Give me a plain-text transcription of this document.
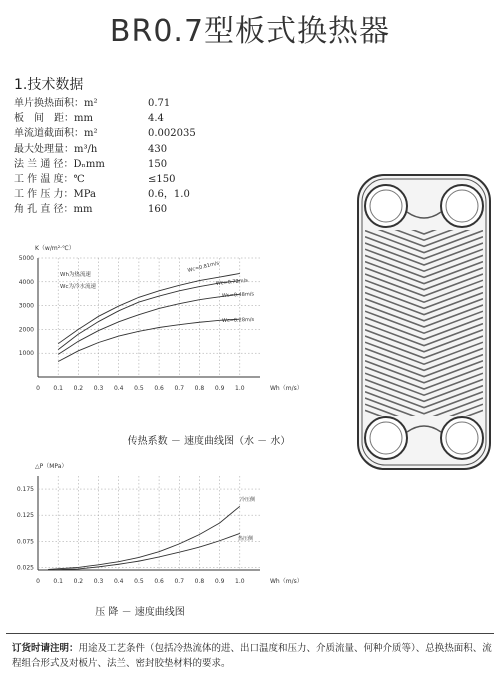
BR0.7型板式换热器
1.技术数据
单片换热面积：m²	0.71
板　间　距：mm	4.4
单流道截面积：m²	0.002035
最大处理量：m³/h	430
法 兰 通 径：Dₙmm	150
工 作 温 度：℃	≤150
工 作 压 力：MPa	0.6，1.0
角 孔 直 径：mm	160
0 0.1 0.2 0.3 0.4 0.5 0.6 0.7 0.8 0.9 1.0
1000
2000
3000
4000
5000
K（w/m²·℃）
Wh（m/s）
Wc=0.81m/s
Wc=0.72m/s
Wc=0.48m/s
Wc=0.28m/s
Wh为热流速
Wc为冷水流速
传热系数 － 速度曲线图（水 － 水）
0 0.1 0.2 0.3 0.4 0.5 0.6 0.7 0.8 0.9 1.0
0.025
0.075
0.125
0.175
△P（MPa）
Wh（m/s）
冷压侧
热压侧
压 降 － 速度曲线图
订货时请注明：用途及工艺条件（包括冷热流体的进、出口温度和压力、介质流量、何种介质等）、总换热面积、流程组合形式及对板片、法兰、密封胶垫材料的要求。
